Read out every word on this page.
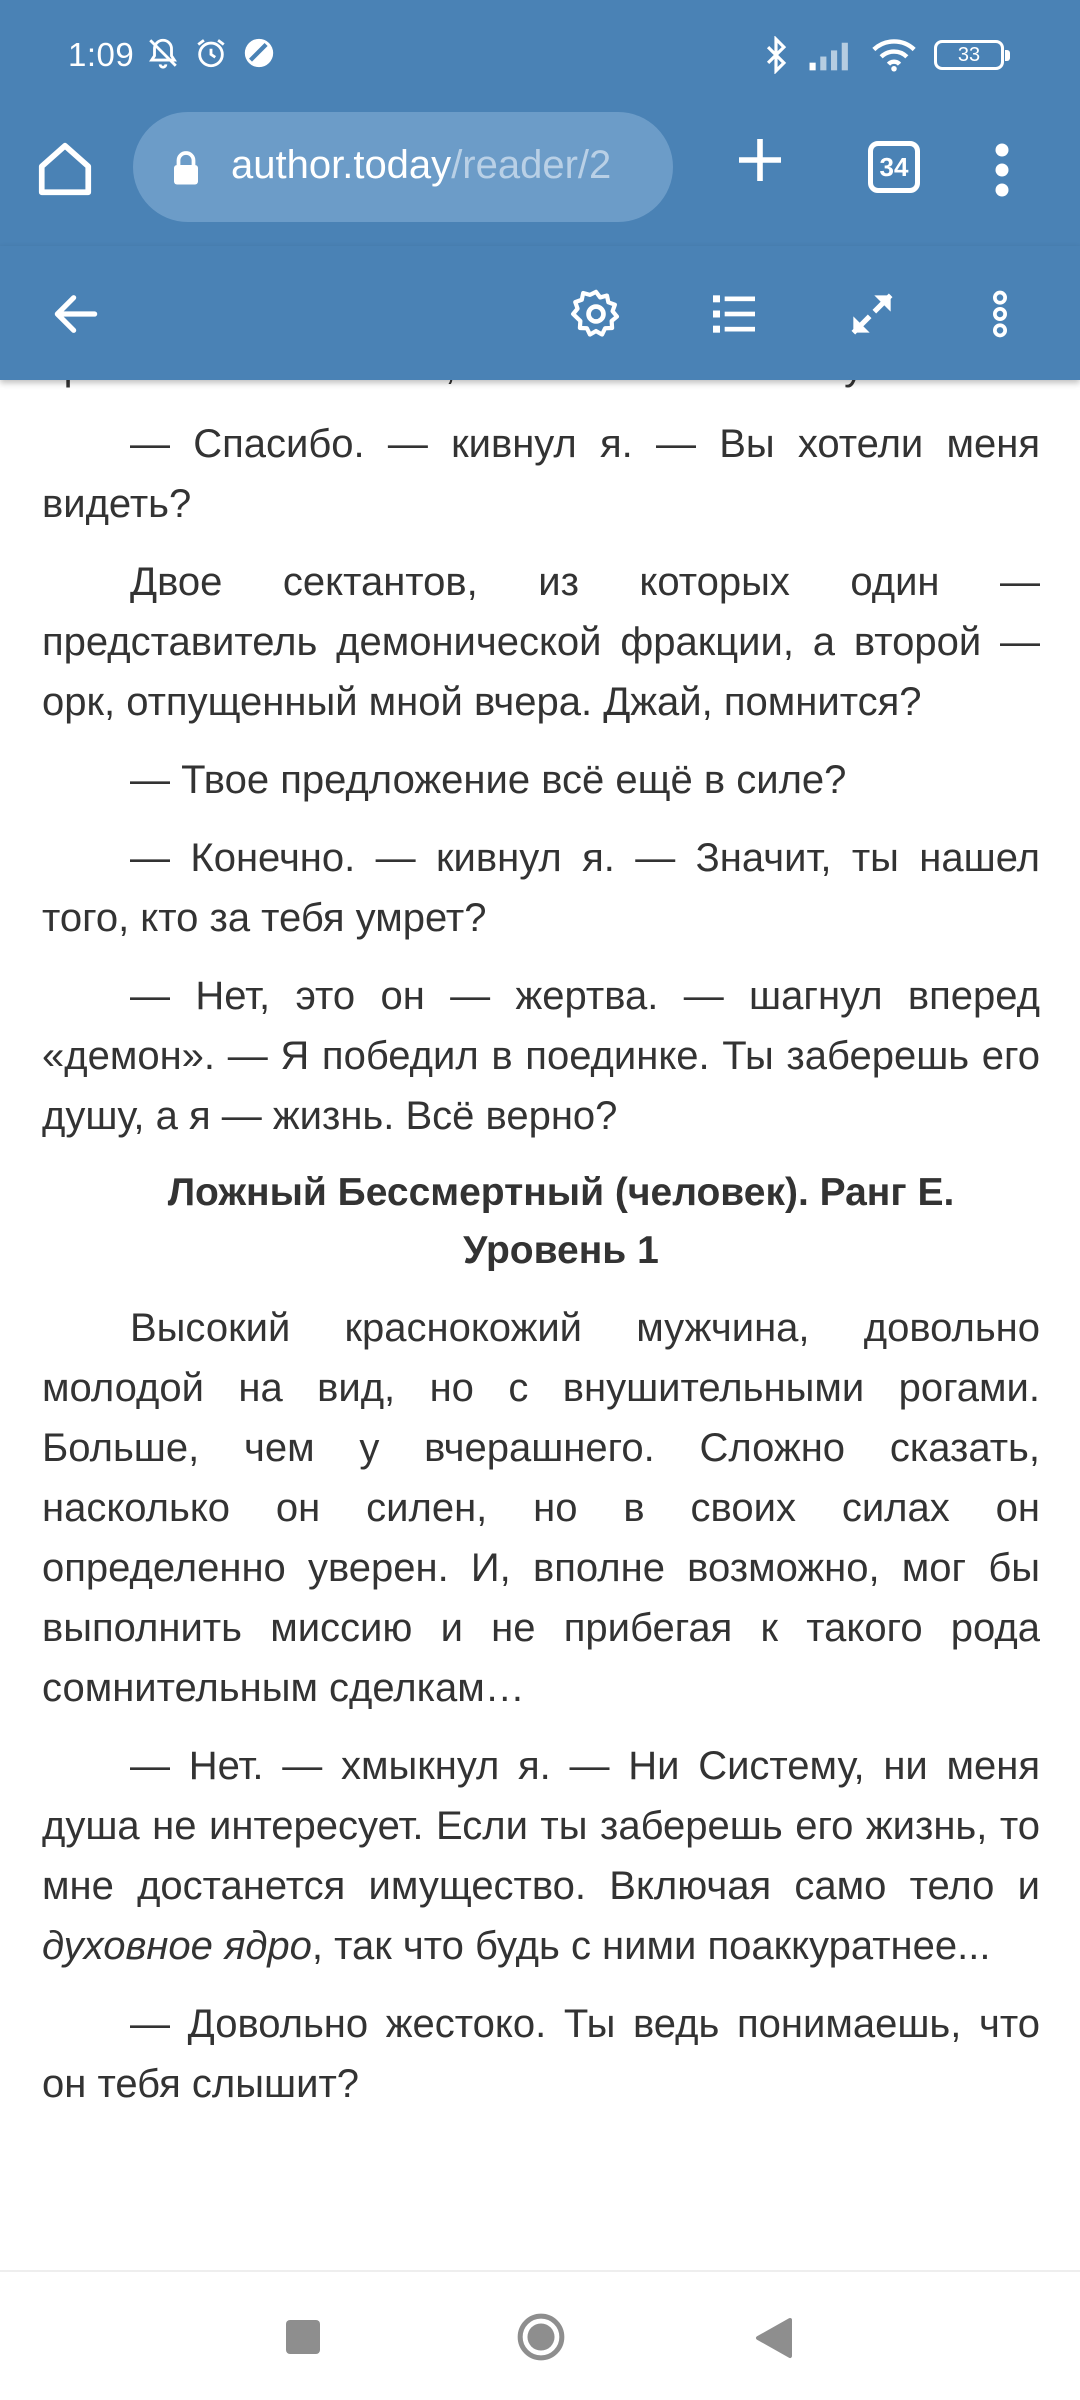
1:09	33
author.today/reader/2	34

— Спасибо. — кивнул я. — Вы хотели меня видеть?

Двое сектантов, из которых один — представитель демонической фракции, а второй — орк, отпущенный мной вчера. Джай, помнится?

— Твое предложение всё ещё в силе?

— Конечно. — кивнул я. — Значит, ты нашел того, кто за тебя умрет?

— Нет, это он — жертва. — шагнул вперед «демон». — Я победил в поединке. Ты заберешь его душу, а я — жизнь. Всё верно?

Ложный Бессмертный (человек). Ранг Е.
Уровень 1

Высокий краснокожий мужчина, довольно молодой на вид, но с внушительными рогами. Больше, чем у вчерашнего. Сложно сказать, насколько он силен, но в своих силах он определенно уверен. И, вполне возможно, мог бы выполнить миссию и не прибегая к такого рода сомнительным сделкам…

— Нет. — хмыкнул я. — Ни Систему, ни меня душа не интересует. Если ты заберешь его жизнь, то мне достанется имущество. Включая само тело и духовное ядро, так что будь с ними поаккуратнее...

— Довольно жестоко. Ты ведь понимаешь, что он тебя слышит?
